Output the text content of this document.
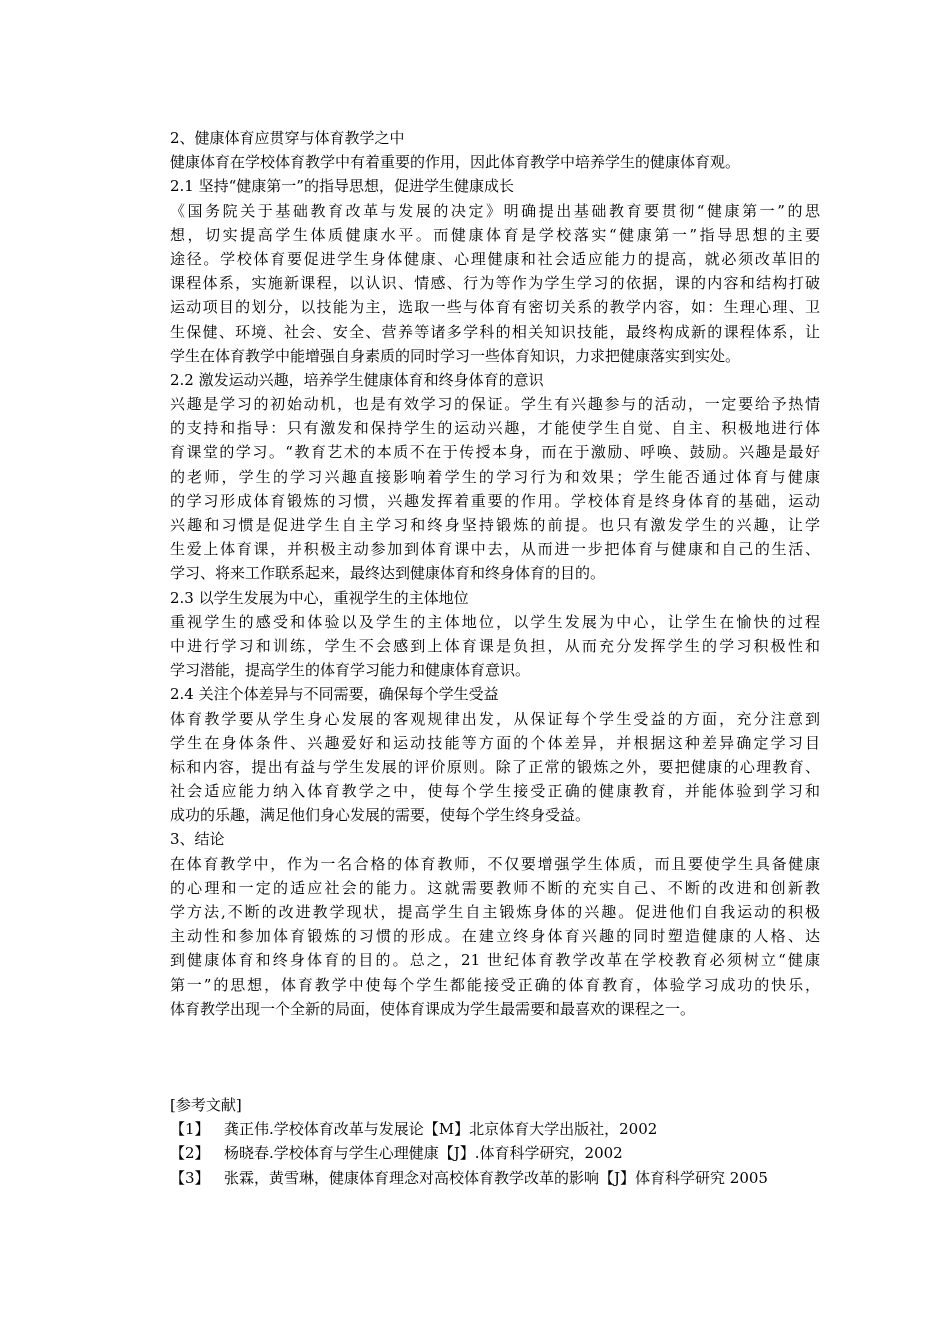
2、健康体育应贯穿与体育教学之中
健康体育在学校体育教学中有着重要的作用，因此体育教学中培养学生的健康体育观。
2.1 坚持“健康第一”的指导思想，促进学生健康成长
《国务院关于基础教育改革与发展的决定》明确提出基础教育要贯彻“健康第一”的思
想，切实提高学生体质健康水平。而健康体育是学校落实“健康第一”指导思想的主要
途径。学校体育要促进学生身体健康、心理健康和社会适应能力的提高，就必须改革旧的
课程体系，实施新课程，以认识、情感、行为等作为学生学习的依据，课的内容和结构打破
运动项目的划分，以技能为主，选取一些与体育有密切关系的教学内容，如：生理心理、卫
生保健、环境、社会、安全、营养等诸多学科的相关知识技能，最终构成新的课程体系，让
学生在体育教学中能增强自身素质的同时学习一些体育知识，力求把健康落实到实处。
2.2 激发运动兴趣，培养学生健康体育和终身体育的意识
兴趣是学习的初始动机，也是有效学习的保证。学生有兴趣参与的活动，一定要给予热情
的支持和指导：只有激发和保持学生的运动兴趣，才能使学生自觉、自主、积极地进行体
育课堂的学习。“教育艺术的本质不在于传授本身，而在于激励、呼唤、鼓励。兴趣是最好
的老师，学生的学习兴趣直接影响着学生的学习行为和效果；学生能否通过体育与健康
的学习形成体育锻炼的习惯，兴趣发挥着重要的作用。学校体育是终身体育的基础，运动
兴趣和习惯是促进学生自主学习和终身坚持锻炼的前提。也只有激发学生的兴趣，让学
生爱上体育课，并积极主动参加到体育课中去，从而进一步把体育与健康和自己的生活、
学习、将来工作联系起来，最终达到健康体育和终身体育的目的。
2.3 以学生发展为中心，重视学生的主体地位
重视学生的感受和体验以及学生的主体地位，以学生发展为中心，让学生在愉快的过程
中进行学习和训练，学生不会感到上体育课是负担，从而充分发挥学生的学习积极性和
学习潜能，提高学生的体育学习能力和健康体育意识。
2.4 关注个体差异与不同需要，确保每个学生受益
体育教学要从学生身心发展的客观规律出发，从保证每个学生受益的方面，充分注意到
学生在身体条件、兴趣爱好和运动技能等方面的个体差异，并根据这种差异确定学习目
标和内容，提出有益与学生发展的评价原则。除了正常的锻炼之外，要把健康的心理教育、
社会适应能力纳入体育教学之中，使每个学生接受正确的健康教育，并能体验到学习和
成功的乐趣，满足他们身心发展的需要，使每个学生终身受益。
3、结论
在体育教学中，作为一名合格的体育教师，不仅要增强学生体质，而且要使学生具备健康
的心理和一定的适应社会的能力。这就需要教师不断的充实自己、不断的改进和创新教
学方法,不断的改进教学现状，提高学生自主锻炼身体的兴趣。促进他们自我运动的积极
主动性和参加体育锻炼的习惯的形成。在建立终身体育兴趣的同时塑造健康的人格、达
到健康体育和终身体育的目的。总之，21 世纪体育教学改革在学校教育必须树立“健康
第一”的思想，体育教学中使每个学生都能接受正确的体育教育，体验学习成功的快乐，
体育教学出现一个全新的局面，使体育课成为学生最需要和最喜欢的课程之一。
[参考文献]
【1】 龚正伟.学校体育改革与发展论【M】北京体育大学出版社，2002
【2】 杨晓春.学校体育与学生心理健康【J】.体育科学研究，2002
【3】 张霖，黄雪琳，健康体育理念对高校体育教学改革的影响【J】体育科学研究 2005
